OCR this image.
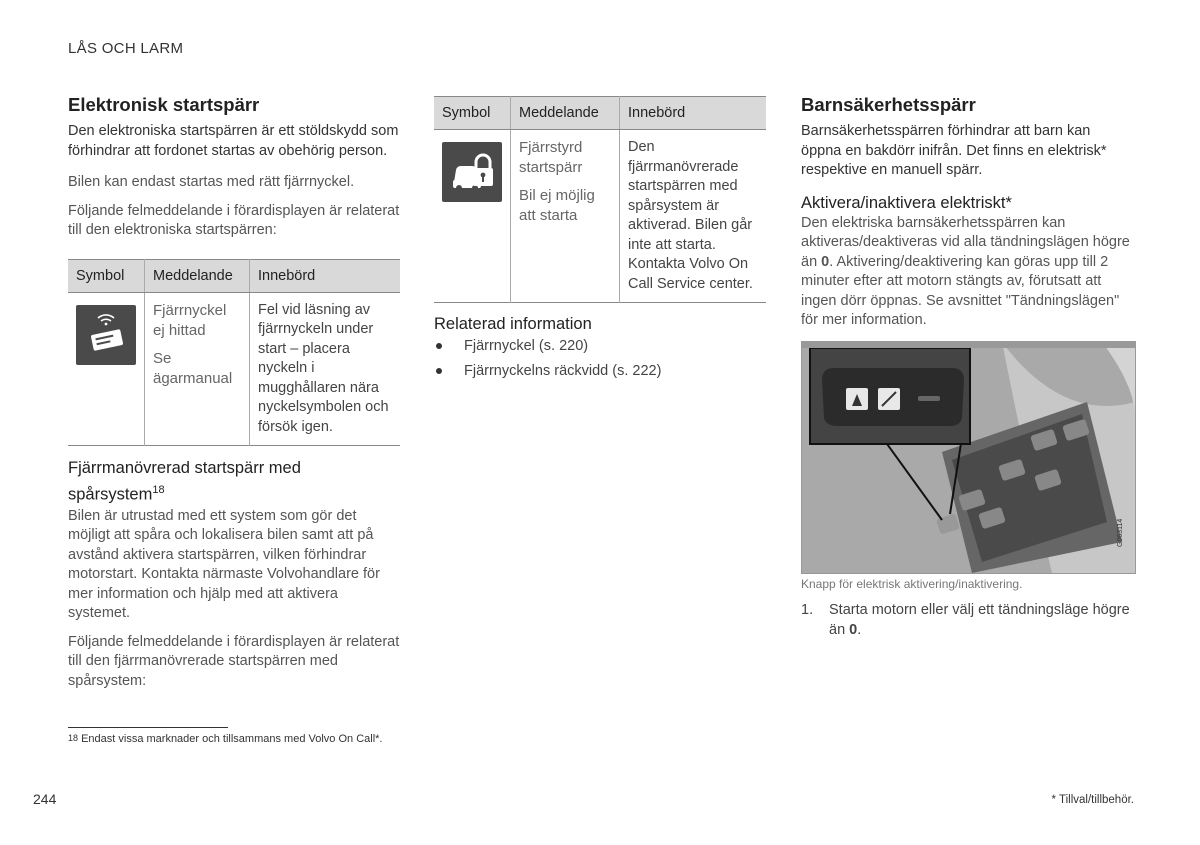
LÅS OCH LARM
Elektronisk startspärr

Den elektroniska startspärren är ett stöldskydd som förhindrar att fordonet startas av obehörig person.

Bilen kan endast startas med rätt fjärrnyckel.

Följande felmeddelande i förardisplayen är relaterat till den elektroniska startspärren:

Symbol	Meddelande	Innebörd

Fjärrnyckel ej hittad
Se ägarmanual	Fel vid läsning av fjärrnyckeln under start – placera nyckeln i mugghållaren nära nyckelsymbolen och försök igen.
Fjärrmanövrerad startspärr med spårsystem$^{18}$

Bilen är utrustad med ett system som gör det möjligt att spåra och lokalisera bilen samt att på avstånd aktivera startspärren, vilken förhindrar motorstart. Kontakta närmaste Volvohandlare för mer information och hjälp med att aktivera systemet.

Följande felmeddelande i förardisplayen är relaterat till den fjärrmanövrerade startspärren med spårsystem:

Symbol	Meddelande	Innebörd

Fjärrstyrd startspärr
Bil ej möjlig att starta	Den fjärrmanövrerade startspärren med spårsystem är aktiverad. Bilen går inte att starta. Kontakta Volvo On Call Service center.
Relaterad information
Fjärrnyckel (s. 220)
Fjärrnyckelns räckvidd (s. 222)
Barnsäkerhetsspärr

Barnsäkerhetsspärren förhindrar att barn kan öppna en bakdörr inifrån. Det finns en elektrisk* respektive en manuell spärr.

Aktivera/inaktivera elektriskt*

Den elektriska barnsäkerhetsspärren kan aktiveras/deaktiveras vid alla tändningslägen högre än 0. Aktivering/deaktivering kan göras upp till 2 minuter efter att motorn stängts av, förutsatt att ingen dörr öppnas. Se avsnittet "Tändningslägen" för mer information.

G063114
Knapp för elektrisk aktivering/inaktivering.
1. Starta motorn eller välj ett tändningsläge högre än 0.
$^{18}$ Endast vissa marknader och tillsammans med Volvo On Call*.
244	* Tillval/tillbehör.
